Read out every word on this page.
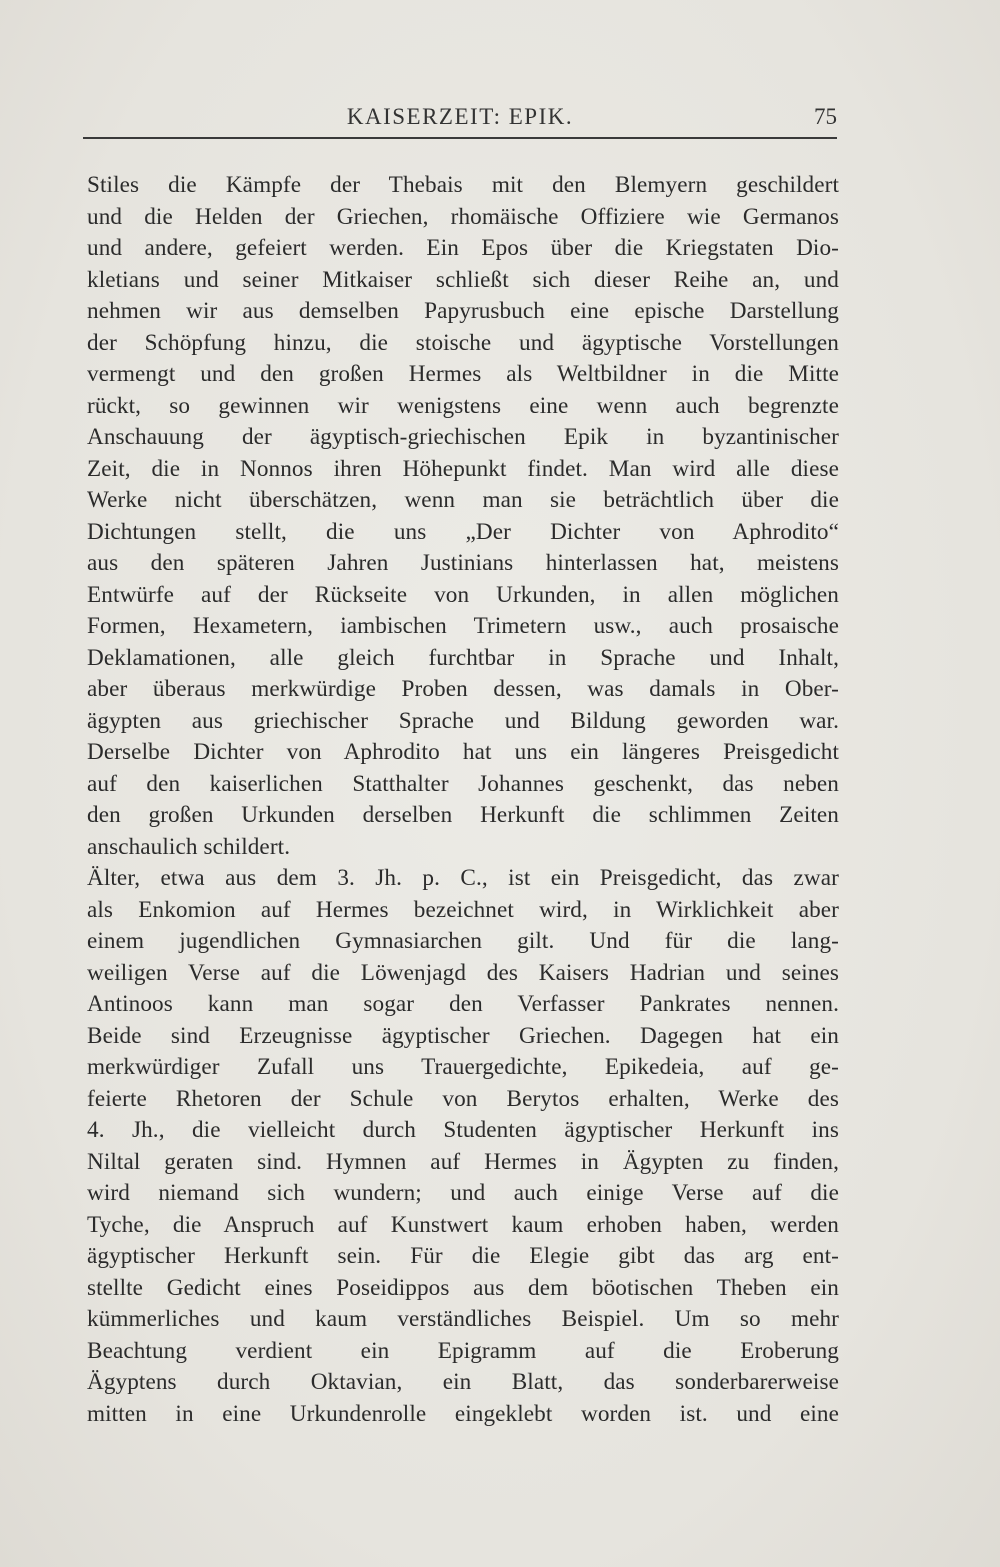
KAISERZEIT: EPIK.	75
Stiles die Kämpfe der Thebais mit den Blemyern geschildert
und die Helden der Griechen, rhomäische Offiziere wie Germanos
und andere, gefeiert werden. Ein Epos über die Kriegstaten Dio-
kletians und seiner Mitkaiser schließt sich dieser Reihe an, und
nehmen wir aus demselben Papyrusbuch eine epische Darstellung
der Schöpfung hinzu, die stoische und ägyptische Vorstellungen
vermengt und den großen Hermes als Weltbildner in die Mitte
rückt, so gewinnen wir wenigstens eine wenn auch begrenzte
Anschauung der ägyptisch-griechischen Epik in byzantinischer
Zeit, die in Nonnos ihren Höhepunkt findet. Man wird alle diese
Werke nicht überschätzen, wenn man sie beträchtlich über die
Dichtungen stellt, die uns „Der Dichter von Aphrodito“
aus den späteren Jahren Justinians hinterlassen hat, meistens
Entwürfe auf der Rückseite von Urkunden, in allen möglichen
Formen, Hexametern, iambischen Trimetern usw., auch prosaische
Deklamationen, alle gleich furchtbar in Sprache und Inhalt,
aber überaus merkwürdige Proben dessen, was damals in Ober-
ägypten aus griechischer Sprache und Bildung geworden war.
Derselbe Dichter von Aphrodito hat uns ein längeres Preisgedicht
auf den kaiserlichen Statthalter Johannes geschenkt, das neben
den großen Urkunden derselben Herkunft die schlimmen Zeiten
anschaulich schildert.
Älter, etwa aus dem 3. Jh. p. C., ist ein Preisgedicht, das zwar
als Enkomion auf Hermes bezeichnet wird, in Wirklichkeit aber
einem jugendlichen Gymnasiarchen gilt. Und für die lang-
weiligen Verse auf die Löwenjagd des Kaisers Hadrian und seines
Antinoos kann man sogar den Verfasser Pankrates nennen.
Beide sind Erzeugnisse ägyptischer Griechen. Dagegen hat ein
merkwürdiger Zufall uns Trauergedichte, Epikedeia, auf ge-
feierte Rhetoren der Schule von Berytos erhalten, Werke des
4. Jh., die vielleicht durch Studenten ägyptischer Herkunft ins
Niltal geraten sind. Hymnen auf Hermes in Ägypten zu finden,
wird niemand sich wundern; und auch einige Verse auf die
Tyche, die Anspruch auf Kunstwert kaum erhoben haben, werden
ägyptischer Herkunft sein. Für die Elegie gibt das arg ent-
stellte Gedicht eines Poseidippos aus dem böotischen Theben ein
kümmerliches und kaum verständliches Beispiel. Um so mehr
Beachtung verdient ein Epigramm auf die Eroberung
Ägyptens durch Oktavian, ein Blatt, das sonderbarerweise
mitten in eine Urkundenrolle eingeklebt worden ist. und eine
